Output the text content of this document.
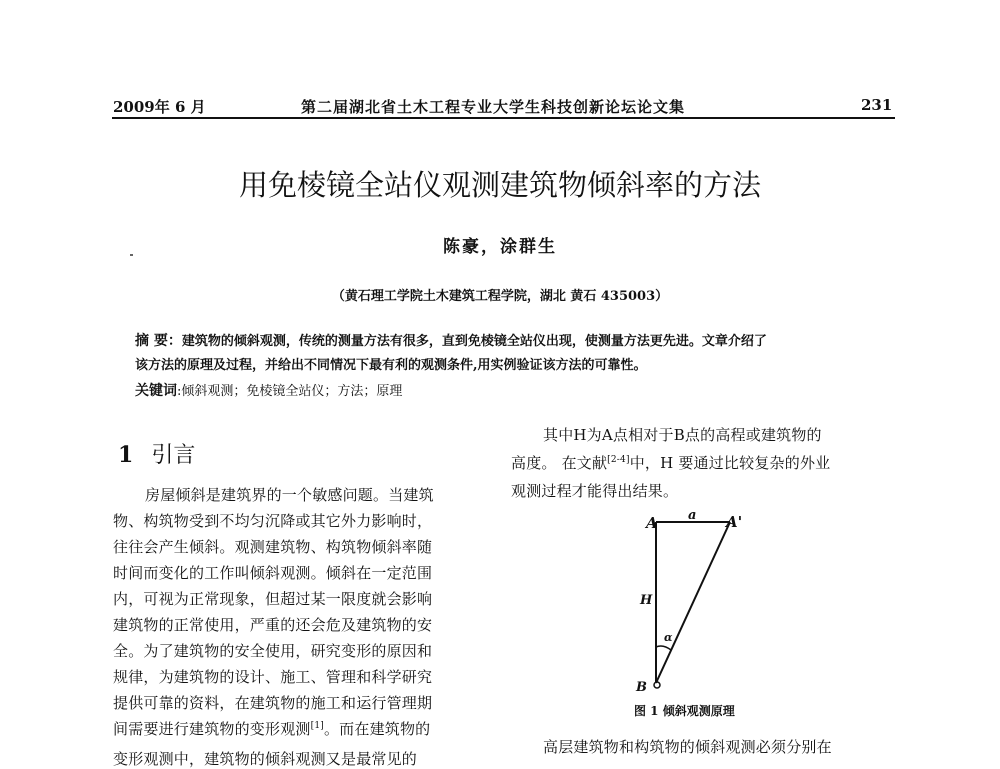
2009年 6 月	第二届湖北省土木工程专业大学生科技创新论坛论文集	231
用免棱镜全站仪观测建筑物倾斜率的方法
陈豪，涂群生
（黄石理工学院土木建筑工程学院，湖北 黄石 435003）
摘 要：建筑物的倾斜观测，传统的测量方法有很多，直到免棱镜全站仪出现，使测量方法更先进。文章介绍了
该方法的原理及过程，并给出不同情况下最有利的观测条件,用实例验证该方法的可靠性。
关键词:倾斜观测；免棱镜全站仪；方法；原理
1 引言
房屋倾斜是建筑界的一个敏感问题。当建筑
物、构筑物受到不均匀沉降或其它外力影响时，
往往会产生倾斜。观测建筑物、构筑物倾斜率随
时间而变化的工作叫倾斜观测。倾斜在一定范围
内，可视为正常现象，但超过某一限度就会影响
建筑物的正常使用，严重的还会危及建筑物的安
全。为了建筑物的安全使用，研究变形的原因和
规律，为建筑物的设计、施工、管理和科学研究
提供可靠的资料，在建筑物的施工和运行管理期
间需要进行建筑物的变形观测[1]。而在建筑物的
变形观测中，建筑物的倾斜观测又是最常见的
其中H为A点相对于B点的高程或建筑物的
高度。 在文献[2-4]中，H 要通过比较复杂的外业
观测过程才能得出结果。
A a A'
H
α
B
图 1 倾斜观测原理
高层建筑物和构筑物的倾斜观测必须分别在
